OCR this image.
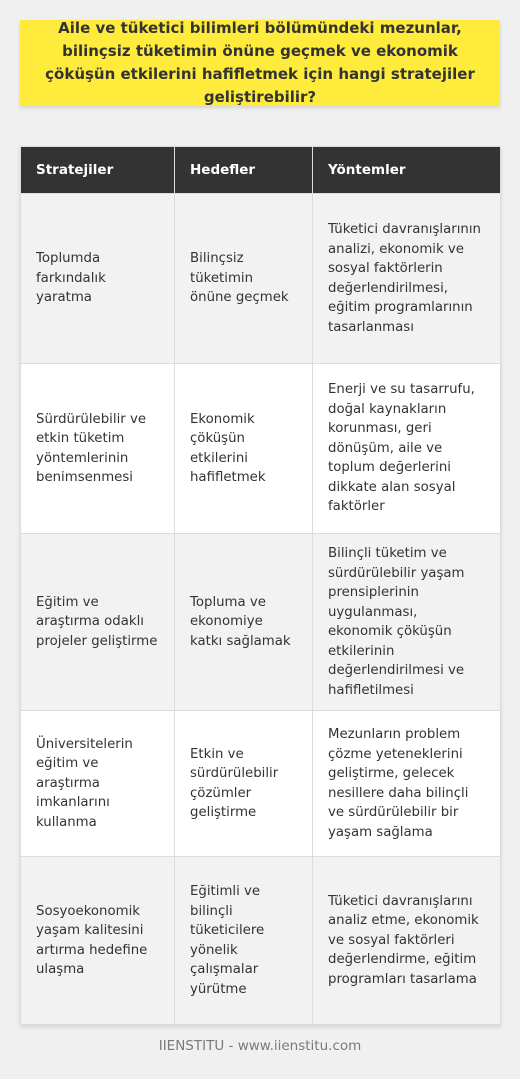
Aile ve tüketici bilimleri bölümündeki mezunlar, bilinçsiz tüketimin önüne geçmek ve ekonomik çöküşün etkilerini hafifletmek için hangi stratejiler geliştirebilir?
Stratejiler	Hedefler	Yöntemler
Toplumda farkındalık yaratma	Bilinçsiz tüketimin önüne geçmek	Tüketici davranışlarının analizi, ekonomik ve sosyal faktörlerin değerlendirilmesi, eğitim programlarının tasarlanması
Sürdürülebilir ve etkin tüketim yöntemlerinin benimsenmesi	Ekonomik çöküşün etkilerini hafifletmek	Enerji ve su tasarrufu, doğal kaynakların korunması, geri dönüşüm, aile ve toplum değerlerini dikkate alan sosyal faktörler
Eğitim ve araştırma odaklı projeler geliştirme	Topluma ve ekonomiye katkı sağlamak	Bilinçli tüketim ve sürdürülebilir yaşam prensiplerinin uygulanması, ekonomik çöküşün etkilerinin değerlendirilmesi ve hafifletilmesi
Üniversitelerin eğitim ve araştırma imkanlarını kullanma	Etkin ve sürdürülebilir çözümler geliştirme	Mezunların problem çözme yeteneklerini geliştirme, gelecek nesillere daha bilinçli ve sürdürülebilir bir yaşam sağlama
Sosyoekonomik yaşam kalitesini artırma hedefine ulaşma	Eğitimli ve bilinçli tüketicilere yönelik çalışmalar yürütme	Tüketici davranışlarını analiz etme, ekonomik ve sosyal faktörleri değerlendirme, eğitim programları tasarlama
IIENSTITU - www.iienstitu.com
